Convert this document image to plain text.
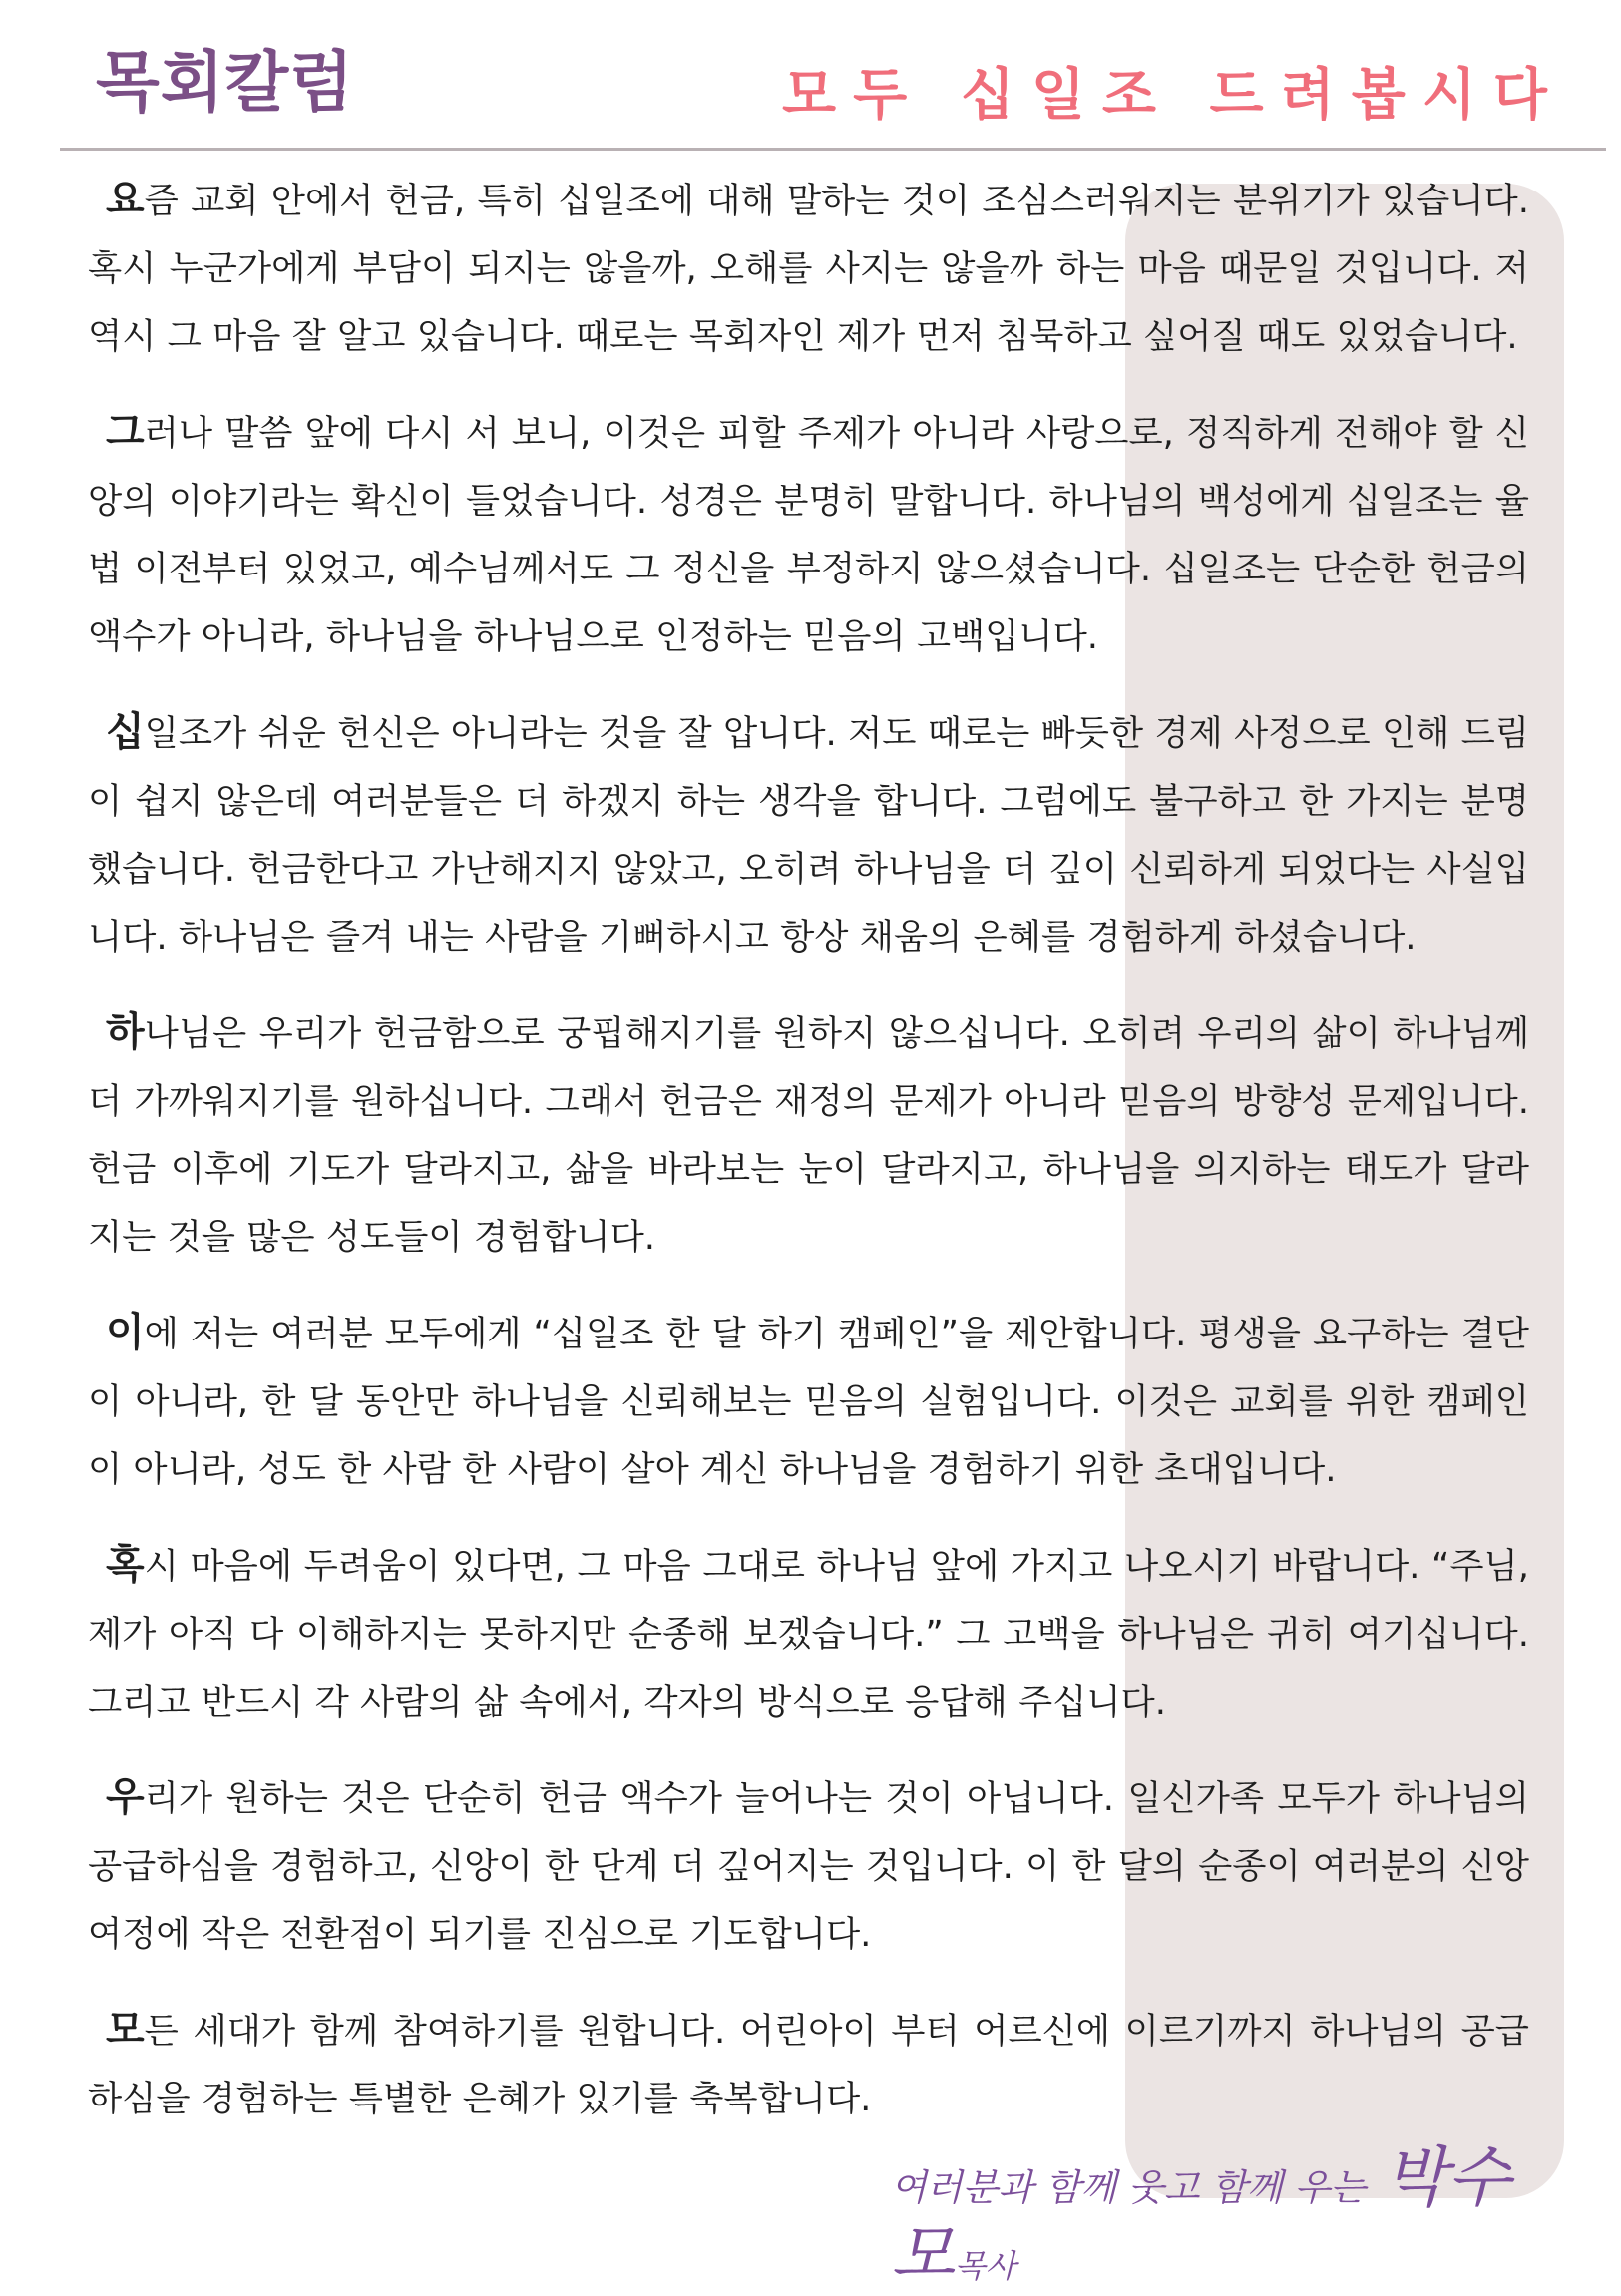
목회칼럼	모두 십일조 드려봅시다

요즘 교회 안에서 헌금, 특히 십일조에 대해 말하는 것이 조심스러워지는 분위기가 있습니다. 혹시 누군가에게 부담이 되지는 않을까, 오해를 사지는 않을까 하는 마음 때문일 것입니다. 저 역시 그 마음 잘 알고 있습니다. 때로는 목회자인 제가 먼저 침묵하고 싶어질 때도 있었습니다.

그러나 말씀 앞에 다시 서 보니, 이것은 피할 주제가 아니라 사랑으로, 정직하게 전해야 할 신앙의 이야기라는 확신이 들었습니다. 성경은 분명히 말합니다. 하나님의 백성에게 십일조는 율법 이전부터 있었고, 예수님께서도 그 정신을 부정하지 않으셨습니다. 십일조는 단순한 헌금의 액수가 아니라, 하나님을 하나님으로 인정하는 믿음의 고백입니다.

십일조가 쉬운 헌신은 아니라는 것을 잘 압니다. 저도 때로는 빠듯한 경제 사정으로 인해 드림이 쉽지 않은데 여러분들은 더 하겠지 하는 생각을 합니다. 그럼에도 불구하고 한 가지는 분명했습니다. 헌금한다고 가난해지지 않았고, 오히려 하나님을 더 깊이 신뢰하게 되었다는 사실입니다. 하나님은 즐겨 내는 사람을 기뻐하시고 항상 채움의 은혜를 경험하게 하셨습니다.

하나님은 우리가 헌금함으로 궁핍해지기를 원하지 않으십니다. 오히려 우리의 삶이 하나님께 더 가까워지기를 원하십니다. 그래서 헌금은 재정의 문제가 아니라 믿음의 방향성 문제입니다. 헌금 이후에 기도가 달라지고, 삶을 바라보는 눈이 달라지고, 하나님을 의지하는 태도가 달라지는 것을 많은 성도들이 경험합니다.

이에 저는 여러분 모두에게 “십일조 한 달 하기 캠페인”을 제안합니다. 평생을 요구하는 결단이 아니라, 한 달 동안만 하나님을 신뢰해보는 믿음의 실험입니다. 이것은 교회를 위한 캠페인이 아니라, 성도 한 사람 한 사람이 살아 계신 하나님을 경험하기 위한 초대입니다.

혹시 마음에 두려움이 있다면, 그 마음 그대로 하나님 앞에 가지고 나오시기 바랍니다. “주님, 제가 아직 다 이해하지는 못하지만 순종해 보겠습니다.” 그 고백을 하나님은 귀히 여기십니다. 그리고 반드시 각 사람의 삶 속에서, 각자의 방식으로 응답해 주십니다.

우리가 원하는 것은 단순히 헌금 액수가 늘어나는 것이 아닙니다. 일신가족 모두가 하나님의 공급하심을 경험하고, 신앙이 한 단계 더 깊어지는 것입니다. 이 한 달의 순종이 여러분의 신앙 여정에 작은 전환점이 되기를 진심으로 기도합니다.

모든 세대가 함께 참여하기를 원합니다. 어린아이 부터 어르신에 이르기까지 하나님의 공급하심을 경험하는 특별한 은혜가 있기를 축복합니다.

여러분과 함께 웃고 함께 우는 박수
모목사
